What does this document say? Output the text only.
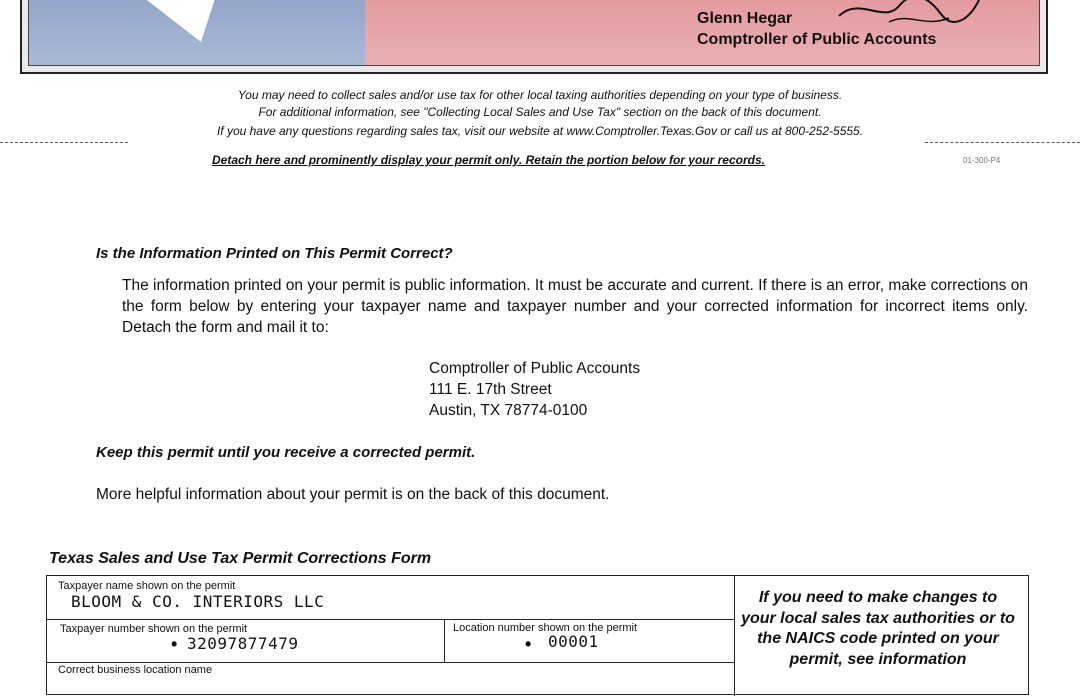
Glenn Hegar
Comptroller of Public Accounts
You may need to collect sales and/or use tax for other local taxing authorities depending on your type of business.
For additional information, see "Collecting Local Sales and Use Tax" section on the back of this document.
If you have any questions regarding sales tax, visit our website at www.Comptroller.Texas.Gov or call us at 800-252-5555.
Detach here and prominently display your permit only. Retain the portion below for your records.	01-300-P4
Is the Information Printed on This Permit Correct?
The information printed on your permit is public information. It must be accurate and current. If there is an error, make corrections on the form below by entering your taxpayer name and taxpayer number and your corrected information for incorrect items only. Detach the form and mail it to:
Comptroller of Public Accounts
111 E. 17th Street
Austin, TX 78774-0100
Keep this permit until you receive a corrected permit.
More helpful information about your permit is on the back of this document.
Texas Sales and Use Tax Permit Corrections Form
Taxpayer name shown on the permit
BLOOM & CO. INTERIORS LLC
Taxpayer number shown on the permit
• 32097877479
Location number shown on the permit
• 00001
Correct business location name
If you need to make changes to your local sales tax authorities or to the NAICS code printed on your permit, see information
